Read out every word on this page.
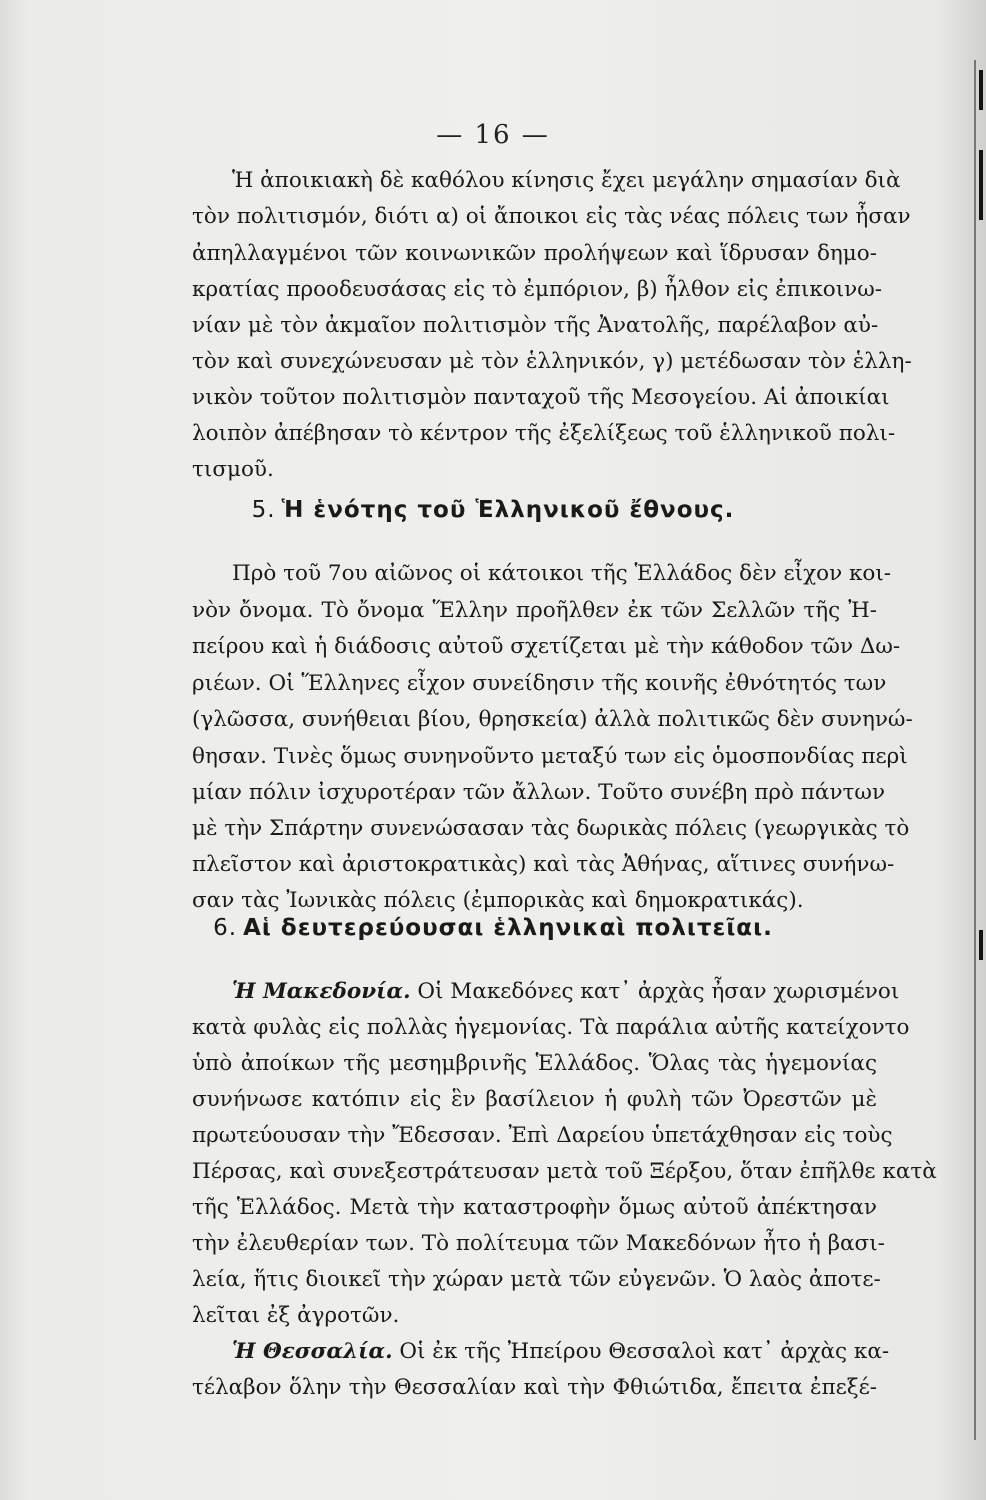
— 16 —
Ἡ ἀποικιακὴ δὲ καθόλου κίνησις ἔχει μεγάλην σημασίαν διὰ
τὸν πολιτισμόν, διότι α) οἱ ἄποικοι εἰς τὰς νέας πόλεις των ἦσαν
ἀπηλλαγμένοι τῶν κοινωνικῶν προλήψεων καὶ ἵδρυσαν δημο-
κρατίας προοδευσάσας εἰς τὸ ἐμπόριον, β) ἦλθον εἰς ἐπικοινω-
νίαν μὲ τὸν ἀκμαῖον πολιτισμὸν τῆς Ἀνατολῆς, παρέλαβον αὐ-
τὸν καὶ συνεχώνευσαν μὲ τὸν ἑλληνικόν, γ) μετέδωσαν τὸν ἑλλη-
νικὸν τοῦτον πολιτισμὸν πανταχοῦ τῆς Μεσογείου. Αἱ ἀποικίαι
λοιπὸν ἀπέβησαν τὸ κέντρον τῆς ἐξελίξεως τοῦ ἑλληνικοῦ πολι-
τισμοῦ.
5. Ἡ ἑνότης τοῦ Ἑλληνικοῦ ἔθνους.
Πρὸ τοῦ 7ου αἰῶνος οἱ κάτοικοι τῆς Ἑλλάδος δὲν εἶχον κοι-
νὸν ὄνομα. Τὸ ὄνομα Ἕλλην προῆλθεν ἐκ τῶν Σελλῶν τῆς Ἠ-
πείρου καὶ ἡ διάδοσις αὐτοῦ σχετίζεται μὲ τὴν κάθοδον τῶν Δω-
ριέων. Οἱ Ἕλληνες εἶχον συνείδησιν τῆς κοινῆς ἐθνότητός των
(γλῶσσα, συνήθειαι βίου, θρησκεία) ἀλλὰ πολιτικῶς δὲν συνηνώ-
θησαν. Τινὲς ὅμως συνηνοῦντο μεταξύ των εἰς ὁμοσπονδίας περὶ
μίαν πόλιν ἰσχυροτέραν τῶν ἄλλων. Τοῦτο συνέβη πρὸ πάντων
μὲ τὴν Σπάρτην συνενώσασαν τὰς δωρικὰς πόλεις (γεωργικὰς τὸ
πλεῖστον καὶ ἀριστοκρατικὰς) καὶ τὰς Ἀθήνας, αἵτινες συνήνω-
σαν τὰς Ἰωνικὰς πόλεις (ἐμπορικὰς καὶ δημοκρατικάς).
6. Αἱ δευτερεύουσαι ἑλληνικαὶ πολιτεῖαι.
Ἡ Μακεδονία. Οἱ Μακεδόνες κατ᾿ ἀρχὰς ἦσαν χωρισμένοι
κατὰ φυλὰς εἰς πολλὰς ἡγεμονίας. Τὰ παράλια αὐτῆς κατείχοντο
ὑπὸ ἀποίκων τῆς μεσημβρινῆς Ἑλλάδος. Ὅλας τὰς ἡγεμονίας
συνήνωσε κατόπιν εἰς ἓν βασίλειον ἡ φυλὴ τῶν Ὀρεστῶν μὲ
πρωτεύουσαν τὴν Ἔδεσσαν. Ἐπὶ Δαρείου ὑπετάχθησαν εἰς τοὺς
Πέρσας, καὶ συνεξεστράτευσαν μετὰ τοῦ Ξέρξου, ὅταν ἐπῆλθε κατὰ
τῆς Ἑλλάδος. Μετὰ τὴν καταστροφὴν ὅμως αὐτοῦ ἀπέκτησαν
τὴν ἐλευθερίαν των. Τὸ πολίτευμα τῶν Μακεδόνων ἦτο ἡ βασι-
λεία, ἥτις διοικεῖ τὴν χώραν μετὰ τῶν εὐγενῶν. Ὁ λαὸς ἀποτε-
λεῖται ἐξ ἀγροτῶν.
Ἡ Θεσσαλία. Οἱ ἐκ τῆς Ἠπείρου Θεσσαλοὶ κατ᾿ ἀρχὰς κα-
τέλαβον ὅλην τὴν Θεσσαλίαν καὶ τὴν Φθιώτιδα, ἔπειτα ἐπεξέ-
